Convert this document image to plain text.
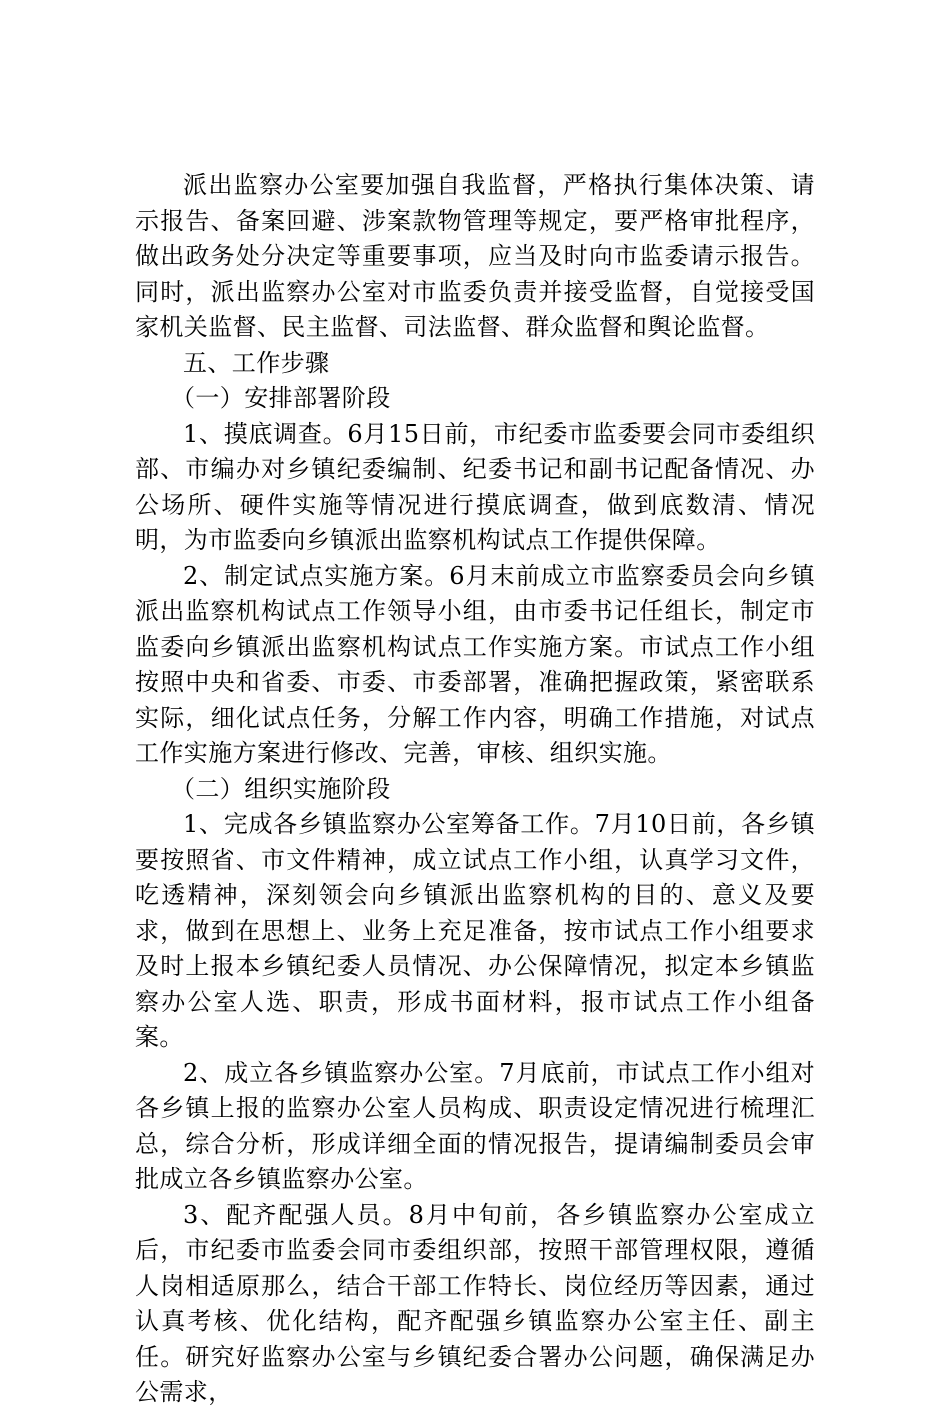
派出监察办公室要加强自我监督，严格执行集体决策、请示报告、备案回避、涉案款物管理等规定，要严格审批程序，做出政务处分决定等重要事项，应当及时向市监委请示报告。同时，派出监察办公室对市监委负责并接受监督，自觉接受国家机关监督、民主监督、司法监督、群众监督和舆论监督。

五、工作步骤

（一）安排部署阶段

1、摸底调查。6月15日前，市纪委市监委要会同市委组织部、市编办对乡镇纪委编制、纪委书记和副书记配备情况、办公场所、硬件实施等情况进行摸底调查，做到底数清、情况明，为市监委向乡镇派出监察机构试点工作提供保障。

2、制定试点实施方案。6月末前成立市监察委员会向乡镇派出监察机构试点工作领导小组，由市委书记任组长，制定市监委向乡镇派出监察机构试点工作实施方案。市试点工作小组按照中央和省委、市委、市委部署，准确把握政策，紧密联系实际，细化试点任务，分解工作内容，明确工作措施，对试点工作实施方案进行修改、完善，审核、组织实施。

（二）组织实施阶段

1、完成各乡镇监察办公室筹备工作。7月10日前，各乡镇要按照省、市文件精神，成立试点工作小组，认真学习文件，吃透精神，深刻领会向乡镇派出监察机构的目的、意义及要求，做到在思想上、业务上充足准备，按市试点工作小组要求及时上报本乡镇纪委人员情况、办公保障情况，拟定本乡镇监察办公室人选、职责，形成书面材料，报市试点工作小组备案。

2、成立各乡镇监察办公室。7月底前，市试点工作小组对各乡镇上报的监察办公室人员构成、职责设定情况进行梳理汇总，综合分析，形成详细全面的情况报告，提请编制委员会审批成立各乡镇监察办公室。

3、配齐配强人员。8月中旬前，各乡镇监察办公室成立后，市纪委市监委会同市委组织部，按照干部管理权限，遵循人岗相适原那么，结合干部工作特长、岗位经历等因素，通过认真考核、优化结构，配齐配强乡镇监察办公室主任、副主任。研究好监察办公室与乡镇纪委合署办公问题，确保满足办公需求，
